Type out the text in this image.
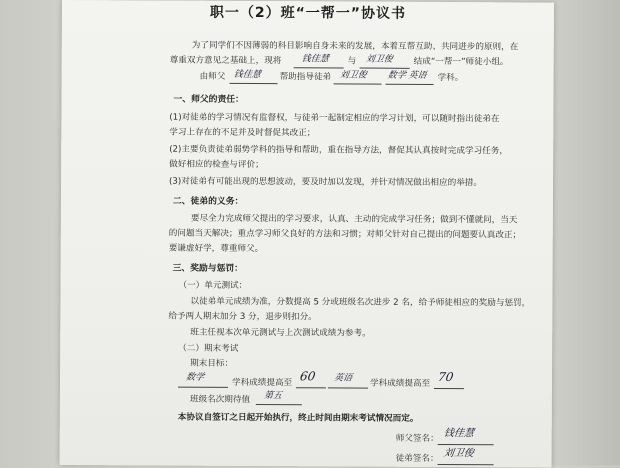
职一（2）班“一帮一”协议书
为了同学们不因薄弱的科目影响自身未来的发展，本着互帮互助、共同进步的原则，在
尊重双方意见之基础上，现将 钱佳慧 与 刘卫俊 结成“一帮一”师徒小组。
由师父 钱佳慧 帮助指导徒弟 刘卫俊 数学 英语 学科。
一、师父的责任：
(1)对徒弟的学习情况有监督权，与徒弟一起制定相应的学习计划，可以随时指出徒弟在
学习上存在的不足并及时督促其改正；
(2)主要负责徒弟弱势学科的指导和帮助，重在指导方法，督促其认真按时完成学习任务，
做好相应的检查与评价；
(3)对徒弟有可能出现的思想波动，要及时加以发现，并针对情况做出相应的举措。
二、徒弟的义务：
要尽全力完成师父提出的学习要求，认真、主动的完成学习任务；做到不懂就问，当天
的问题当天解决；重点学习师父良好的方法和习惯；对师父针对自己提出的问题要认真改正；
要谦虚好学，尊重师父。
三、奖励与惩罚：
（一）单元测试：
以徒弟单元成绩为准，分数提高 5 分或班级名次进步 2 名，给予师徒相应的奖励与惩罚，
给予两人期末加分 3 分，退步则扣分。
班主任视本次单元测试与上次测试成绩为参考。
（二）期末考试
期末目标：
数学
学科成绩提高至 60 英语
学科成绩提高至 70
班级名次期待值 第五
本协议自签订之日起开始执行，终止时间由期末考试情况而定。
师父签名： 钱佳慧
徒弟签名： 刘卫俊
